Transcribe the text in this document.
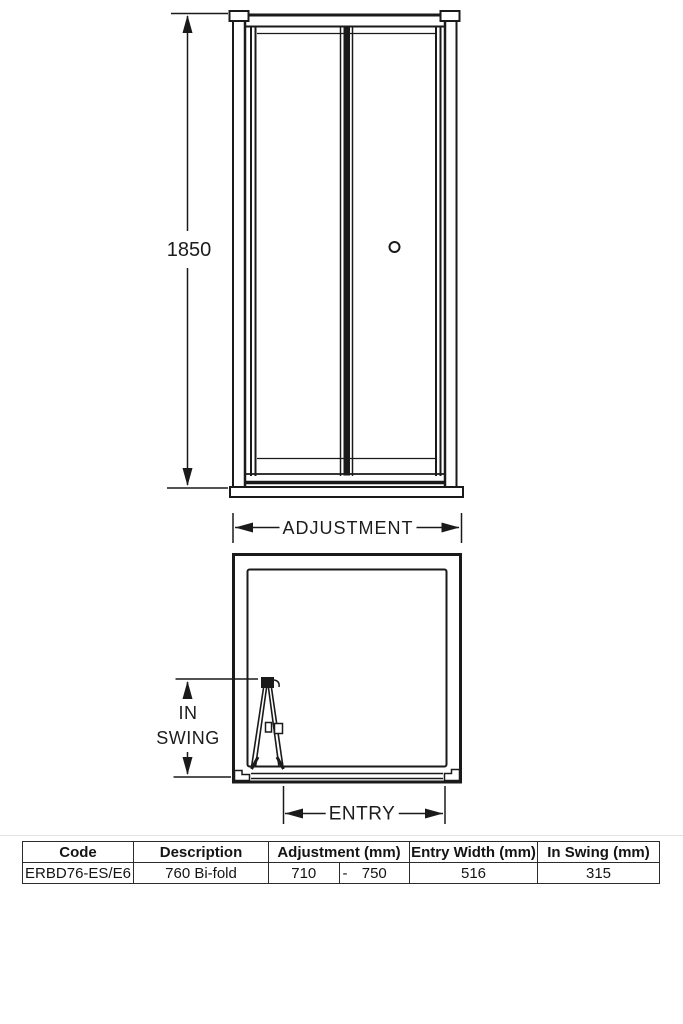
1850
ADJUSTMENT
IN
SWING
ENTRY
Code	Description	Adjustment (mm)	Entry Width (mm)	In Swing (mm)
ERBD76-ES/E6	760 Bi-fold	710 - 750	516	315
